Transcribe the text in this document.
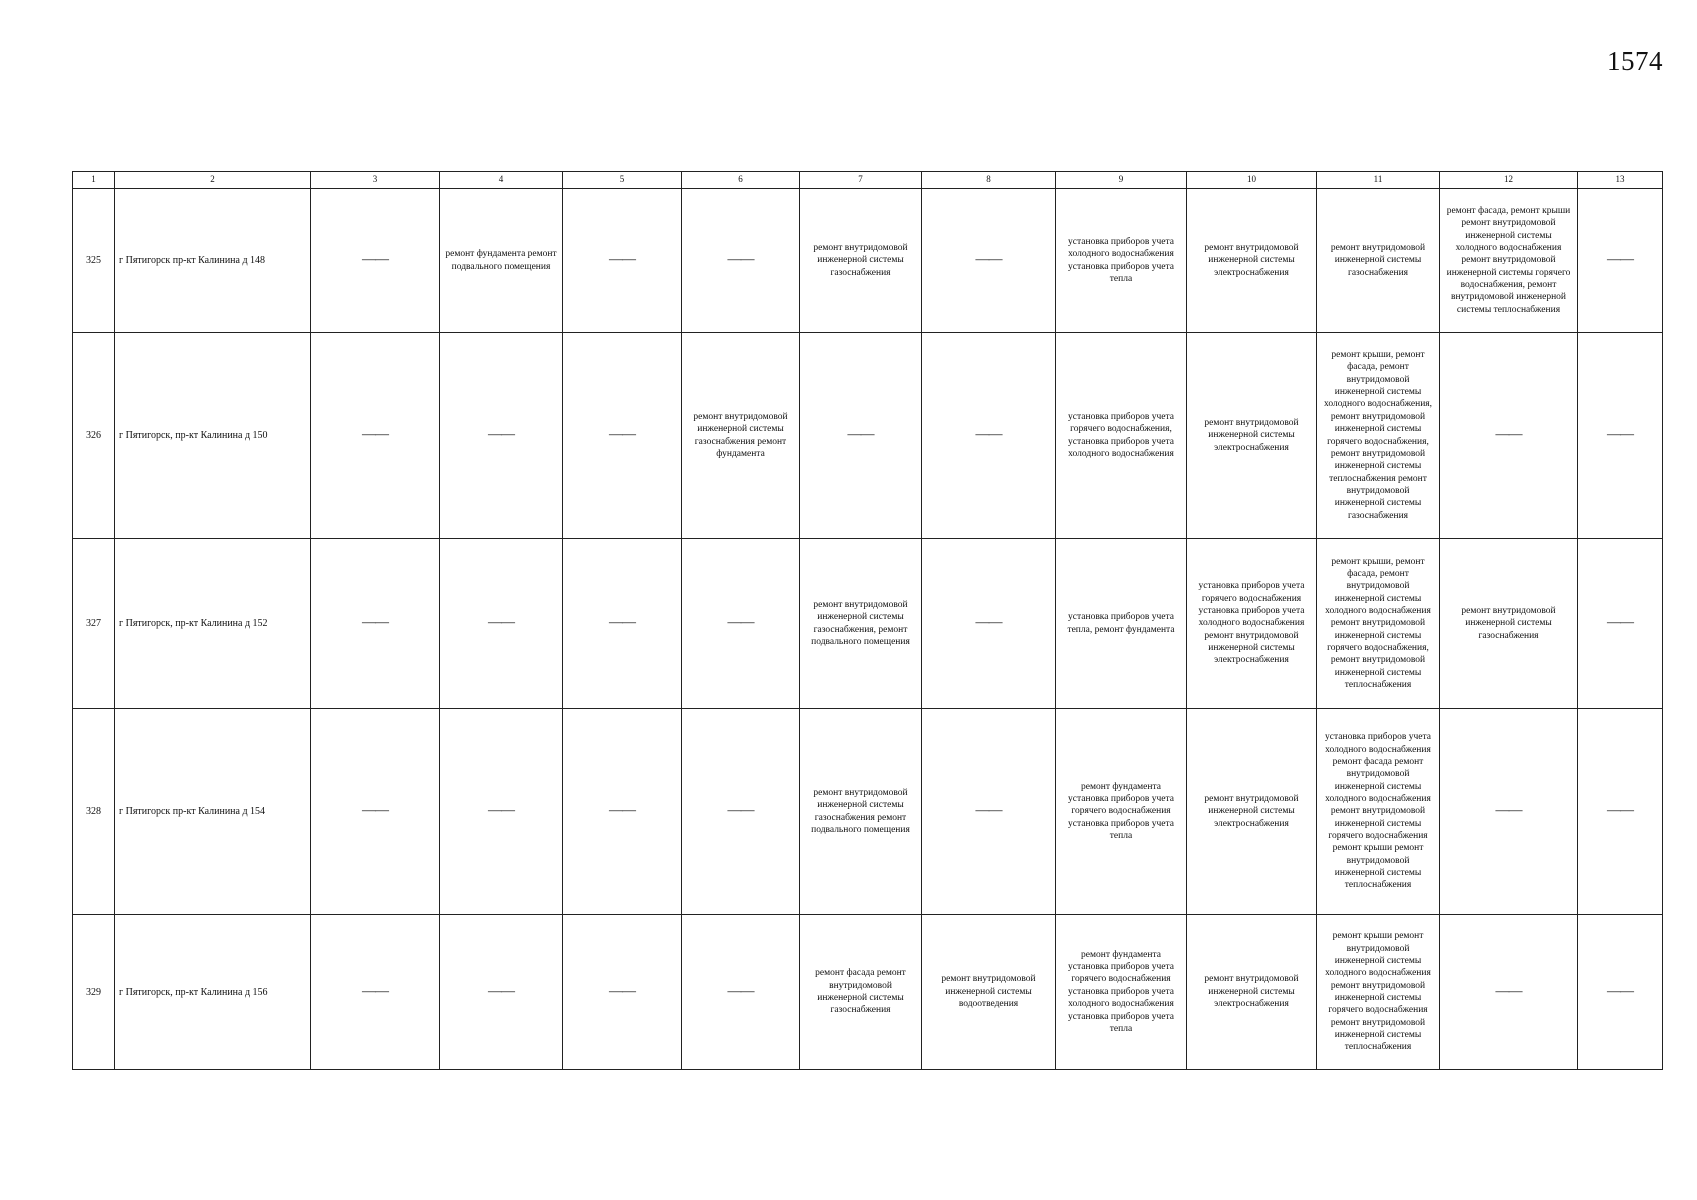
1574
1	2	3	4	5	6	7	8	9	10	11	12	13
325	г Пятигорск пр-кт Калинина д 148	——	ремонт фундамента ремонт подвального помещения	——	——	ремонт внутридомовой инженерной системы газоснабжения	——	установка приборов учета холодного водоснабжения установка приборов учета тепла	ремонт внутридомовой инженерной системы электроснабжения	ремонт внутридомовой инженерной системы газоснабжения	ремонт фасада, ремонт крыши ремонт внутридомовой инженерной системы холодного водоснабжения ремонт внутридомовой инженерной системы горячего водоснабжения, ремонт внутридомовой инженерной системы теплоснабжения	——
326	г Пятигорск, пр-кт Калинина д 150	——	——	——	ремонт внутридомовой инженерной системы газоснабжения ремонт фундамента	——	——	установка приборов учета горячего водоснабжения, установка приборов учета холодного водоснабжения	ремонт внутридомовой инженерной системы электроснабжения	ремонт крыши, ремонт фасада, ремонт внутридомовой инженерной системы холодного водоснабжения, ремонт внутридомовой инженерной системы горячего водоснабжения, ремонт внутридомовой инженерной системы теплоснабжения ремонт внутридомовой инженерной системы газоснабжения	——	——
327	г Пятигорск, пр-кт Калинина д 152	——	——	——	——	ремонт внутридомовой инженерной системы газоснабжения, ремонт подвального помещения	——	установка приборов учета тепла, ремонт фундамента	установка приборов учета горячего водоснабжения установка приборов учета холодного водоснабжения ремонт внутридомовой инженерной системы электроснабжения	ремонт крыши, ремонт фасада, ремонт внутридомовой инженерной системы холодного водоснабжения ремонт внутридомовой инженерной системы горячего водоснабжения, ремонт внутридомовой инженерной системы теплоснабжения	ремонт внутридомовой инженерной системы газоснабжения	——
328	г Пятигорск пр-кт Калинина д 154	——	——	——	——	ремонт внутридомовой инженерной системы газоснабжения ремонт подвального помещения	——	ремонт фундамента установка приборов учета горячего водоснабжения установка приборов учета тепла	ремонт внутридомовой инженерной системы электроснабжения	установка приборов учета холодного водоснабжения ремонт фасада ремонт внутридомовой инженерной системы холодного водоснабжения ремонт внутридомовой инженерной системы горячего водоснабжения ремонт крыши ремонт внутридомовой инженерной системы теплоснабжения	——	——
329	г Пятигорск, пр-кт Калинина д 156	——	——	——	——	ремонт фасада ремонт внутридомовой инженерной системы газоснабжения	ремонт внутридомовой инженерной системы водоотведения	ремонт фундамента установка приборов учета горячего водоснабжения установка приборов учета холодного водоснабжения установка приборов учета тепла	ремонт внутридомовой инженерной системы электроснабжения	ремонт крыши ремонт внутридомовой инженерной системы холодного водоснабжения ремонт внутридомовой инженерной системы горячего водоснабжения ремонт внутридомовой инженерной системы теплоснабжения	——	——
